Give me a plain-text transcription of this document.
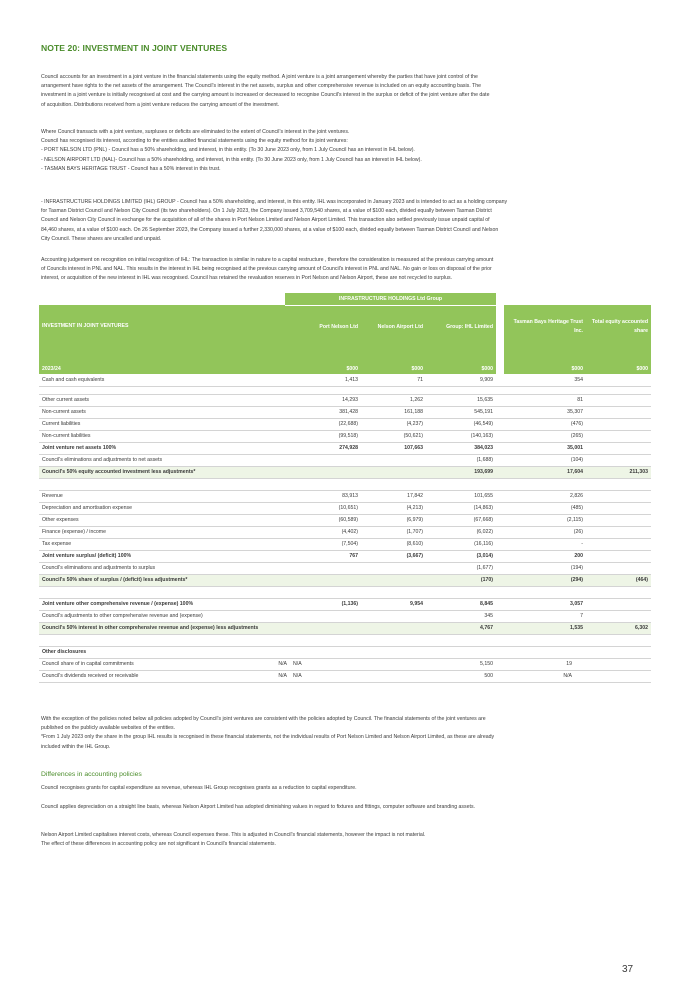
NOTE 20: INVESTMENT IN JOINT VENTURES
Council accounts for an investment in a joint venture in the financial statements using the equity method. A joint venture is a joint arrangement whereby the parties that have joint control of the
arrangement have rights to the net assets of the arrangement. The Council's interest in the net assets, surplus and other comprehensive revenue is included on an equity accounting basis. The
investment in a joint venture is initially recognised at cost and the carrying amount is increased or decreased to recognise Council's interest in the surplus or deficit of the joint venture after the date
of acquisition. Distributions received from a joint venture reduces the carrying amount of the investment.
Where Council transacts with a joint venture, surpluses or deficits are eliminated to the extent of Council's interest in the joint ventures.
Council has recognised its interest, according to the entities audited financial statements using the equity method for its joint ventures:
- PORT NELSON LTD (PNL) - Council has a 50% shareholding, and interest, in this entity. (To 30 June 2023 only, from 1 July Council has an interest in IHL below).
- NELSON AIRPORT LTD (NAL)- Council has a 50% shareholding, and interest, in this entity. (To 30 June 2023 only, from 1 July Council has an interest in IHL below).
- TASMAN BAYS HERITAGE TRUST - Council has a 50% interest in this trust.
- INFRASTRUCTURE HOLDINGS LIMITED (IHL) GROUP - Council has a 50% shareholding, and interest, in this entity. IHL was incorporated in January 2023 and is intended to act as a holding company
for Tasman District Council and Nelson City Council (its two shareholders). On 1 July 2023, the Company issued 3,709,540 shares, at a value of $100 each, divided equally between Tasman District
Council and Nelson City Council in exchange for the acquisition of all of the shares in Port Nelson Limited and Nelson Airport Limited. This transaction also settled previously issue unpaid capital of
84,460 shares, at a value of $100 each. On 26 September 2023, the Company issued a further 2,330,000 shares, at a value of $100 each, divided equally between Tasman District Council and Nelson
City Council. These shares are uncalled and unpaid.
Accounting judgement on recognition on initial recognition of IHL: The transaction is similar in nature to a capital restructure , therefore the consideration is measured at the previous carrying amount
of Councils interest in PNL and NAL. This results in the interest in IHL being recognised at the previous carrying amount of Council's interest in PNL and NAL. No gain or loss on disposal of the prior
interest, or acquisition of the new interest in IHL was recognised. Council has retained the revaluation reserves in Port Nelson and Nelson Airport, these are not recycled to surplus.
	INFRASTRUCTURE HOLDINGS Ltd Group					
INVESTMENT IN JOINT VENTURES	Port Nelson Ltd	Nelson Airport Ltd	Group: IHL Limited		Tasman Bays Heritage Trust Inc.	Total equity accounted share
2023/24	$000	$000	$000		$000	$000
Cash and cash equivalents	1,413	71	9,909		354	

Other current assets	14,293	1,262	15,635		81	
Non-current assets	381,428	161,188	545,191		35,307	
Current liabilities	(22,688)	(4,237)	(46,549)		(476)	
Non-current liabilities	(99,518)	(50,621)	(140,163)		(265)	
Joint venture net assets 100%	274,928	107,663	384,023		35,001	
Council's eliminations and adjustments to net assets			(1,688)		(104)	
Council's 50% equity accounted investment less adjustments*			193,699		17,604	211,303

Revenue	83,913	17,842	101,655		2,826	
Depreciation and amortisation expense	(10,651)	(4,213)	(14,863)		(485)	
Other expenses	(60,589)	(6,979)	(67,668)		(2,115)	
Finance (expense) / income	(4,402)	(1,707)	(6,022)		(26)	
Tax expense	(7,504)	(8,610)	(16,116)		-	
Joint venture surplus/ (deficit) 100%	767	(3,667)	(3,014)		200	
Council's eliminations and adjustments to surplus			(1,677)		(194)	
Council's 50% share of surplus / (deficit) less adjustments*			(170)		(294)	(464)

Joint venture other comprehensive revenue / (expense) 100%	(1,136)	9,954	8,845		3,057	
Council's adjustments to other comprehensive revenue and (expense)			345		7	
Council's 50% interest in other comprehensive revenue and (expense) less adjustments			4,767		1,535	6,302

Other disclosures						
Council share of in capital commitments N/A	N/A		5,150		19	
Council's dividends received or receivable N/A	N/A		500		N/A	
With the exception of the policies noted below all policies adopted by Council's joint ventures are consistent with the policies adopted by Council. The financial statements of the joint ventures are
published on the publicly available websites of the entities.
*From 1 July 2023 only the share in the group IHL results is recognised in these financial statements, not the individual results of Port Nelson Limited and Nelson Airport Limited, as these are already
included within the IHL Group.
Differences in accounting policies
Council recognises grants for capital expenditure as revenue, whereas IHL Group recognises grants as a reduction to capital expenditure.
Council applies depreciation on a straight line basis, whereas Nelson Airport Limited has adopted diminishing values in regard to fixtures and fittings, computer software and branding assets.
Nelson Airport Limited capitalises interest costs, whereas Council expenses these. This is adjusted in Council's financial statements, however the impact is not material.
The effect of these differences in accounting policy are not significant in Council's financial statements.
37
